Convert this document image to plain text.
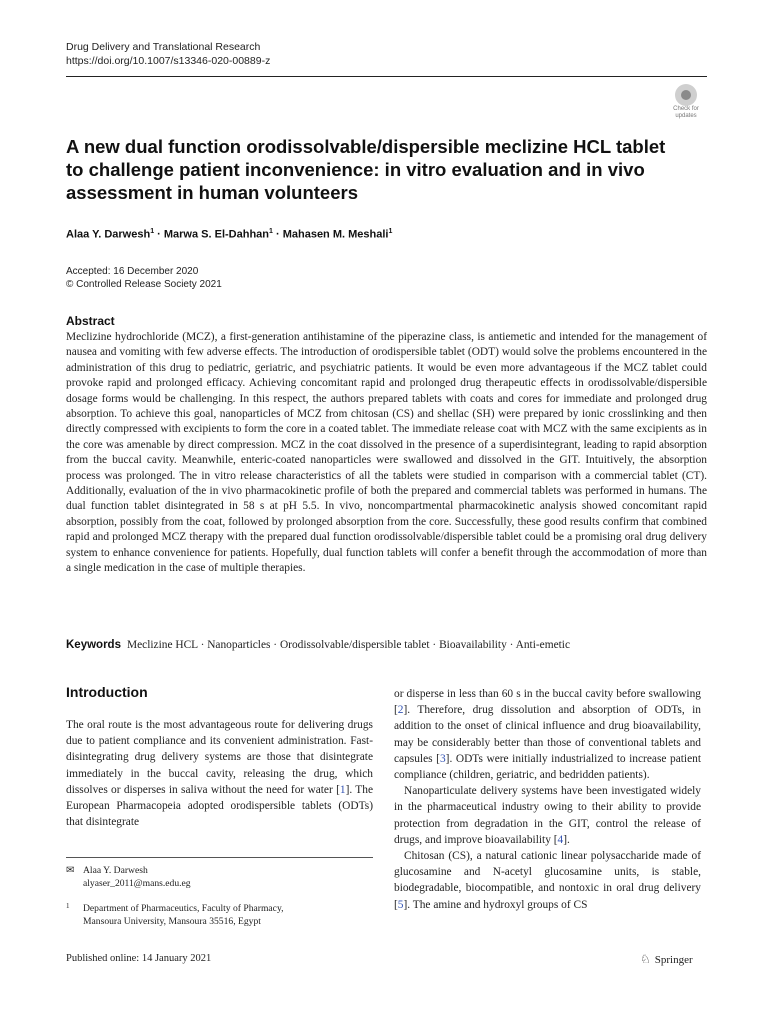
Drug Delivery and Translational Research
https://doi.org/10.1007/s13346-020-00889-z
Check for
updates
A new dual function orodissolvable/dispersible meclizine HCL tablet to challenge patient inconvenience: in vitro evaluation and in vivo assessment in human volunteers
Alaa Y. Darwesh$^1$ · Marwa S. El-Dahhan$^1$ · Mahasen M. Meshali$^1$
Accepted: 16 December 2020
© Controlled Release Society 2021
Abstract
Meclizine hydrochloride (MCZ), a first-generation antihistamine of the piperazine class, is antiemetic and intended for the management of nausea and vomiting with few adverse effects. The introduction of orodispersible tablet (ODT) would solve the problems encountered in the administration of this drug to pediatric, geriatric, and psychiatric patients. It would be even more advantageous if the MCZ tablet could provoke rapid and prolonged efficacy. Achieving concomitant rapid and prolonged drug therapeutic effects in orodissolvable/dispersible dosage forms would be challenging. In this respect, the authors prepared tablets with coats and cores for immediate and prolonged drug absorption. To achieve this goal, nanoparticles of MCZ from chitosan (CS) and shellac (SH) were prepared by ionic crosslinking and then directly compressed with excipients to form the core in a coated tablet. The immediate release coat with MCZ with the same excipients as in the core was amenable by direct compression. MCZ in the coat dissolved in the presence of a superdisintegrant, leading to rapid absorption from the buccal cavity. Meanwhile, enteric-coated nanoparticles were swallowed and dissolved in the GIT. Intuitively, the absorption process was prolonged. The in vitro release characteristics of all the tablets were studied in comparison with a commercial tablet (CT). Additionally, evaluation of the in vivo pharmacokinetic profile of both the prepared and commercial tablets was performed in humans. The dual function tablet disintegrated in 58 s at pH 5.5. In vivo, noncompartmental pharmacokinetic analysis showed concomitant rapid absorption, possibly from the coat, followed by prolonged absorption from the core. Successfully, these good results confirm that combined rapid and prolonged MCZ therapy with the prepared dual function orodissolvable/dispersible tablet could be a promising oral drug delivery system to enhance convenience for patients. Hopefully, dual function tablets will confer a benefit through the accommodation of more than a single medication in the case of multiple therapies.
Keywords Meclizine HCL · Nanoparticles · Orodissolvable/dispersible tablet · Bioavailability · Anti-emetic
Introduction

The oral route is the most advantageous route for delivering drugs due to patient compliance and its convenient administration. Fast-disintegrating drug delivery systems are those that disintegrate immediately in the buccal cavity, releasing the drug, which dissolves or disperses in saliva without the need for water [1]. The European Pharmacopeia adopted orodispersible tablets (ODTs) that disintegrate

or disperse in less than 60 s in the buccal cavity before swallowing [2]. Therefore, drug dissolution and absorption of ODTs, in addition to the onset of clinical influence and drug bioavailability, may be considerably better than those of conventional tablets and capsules [3]. ODTs were initially industrialized to increase patient compliance (children, geriatric, and bedridden patients).

Nanoparticulate delivery systems have been investigated widely in the pharmaceutical industry owing to their ability to provide protection from degradation in the GIT, control the release of drugs, and improve bioavailability [4].

Chitosan (CS), a natural cationic linear polysaccharide made of glucosamine and N-acetyl glucosamine units, is stable, biodegradable, biocompatible, and nontoxic in oral drug delivery [5]. The amine and hydroxyl groups of CS

✉ Alaa Y. Darwesh
alyaser_2011@mans.edu.eg
1 Department of Pharmaceutics, Faculty of Pharmacy,
Mansoura University, Mansoura 35516, Egypt
Published online: 14 January 2021	♘ Springer
